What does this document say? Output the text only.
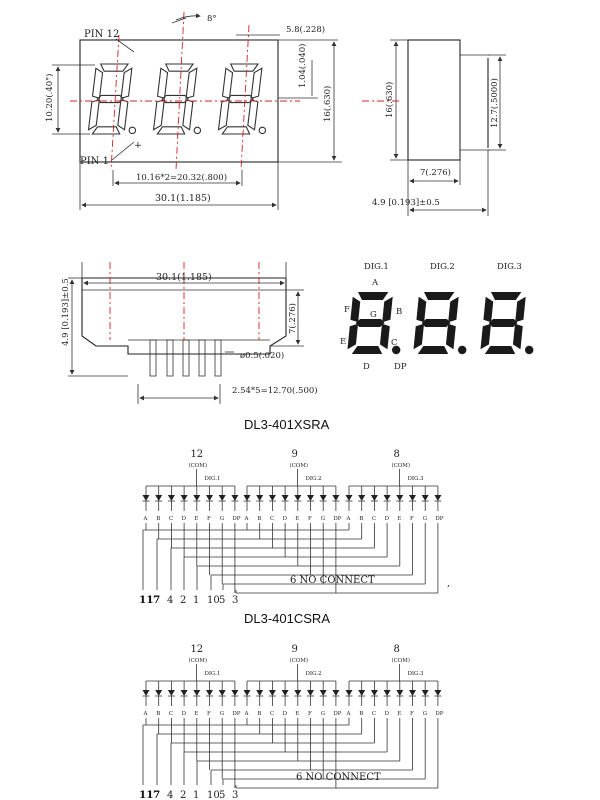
10.20(.40")
PIN 12
PIN 1
+
8°
5.8(.228)
1.04(.040)
16(.630)
10.16*2=20.32(.800)
30.1(1.185)
16(.630)	12.7(.5000)
7(.276)
4.9 [0.193]±0.5
30.1(1.185)
4.9 [0.193]±0.5	7(.276)
ø0.5(.020)
2.54*5=12.70(.500)
DIG.1	DIG.2	DIG.3
A
F G B
E	C
D	DP
DL3-401XSRA
12
(COM)
DIG.1
A B C D E F G DP
9
(COM)
DIG.2
A B C D E F G DP
8
(COM)
DIG.3
A B C D E F G DP
11 7 4 2 1 10 5 3
6 NO CONNECT	,
DL3-401CSRA
12
(COM)
DIG.1
A B C D E F G DP
9
(COM)
DIG.2
A B C D E F G DP
8
(COM)
DIG.3
A B C D E F G DP
11 7 4 2 1 10 5 3
6 NO CONNECT
